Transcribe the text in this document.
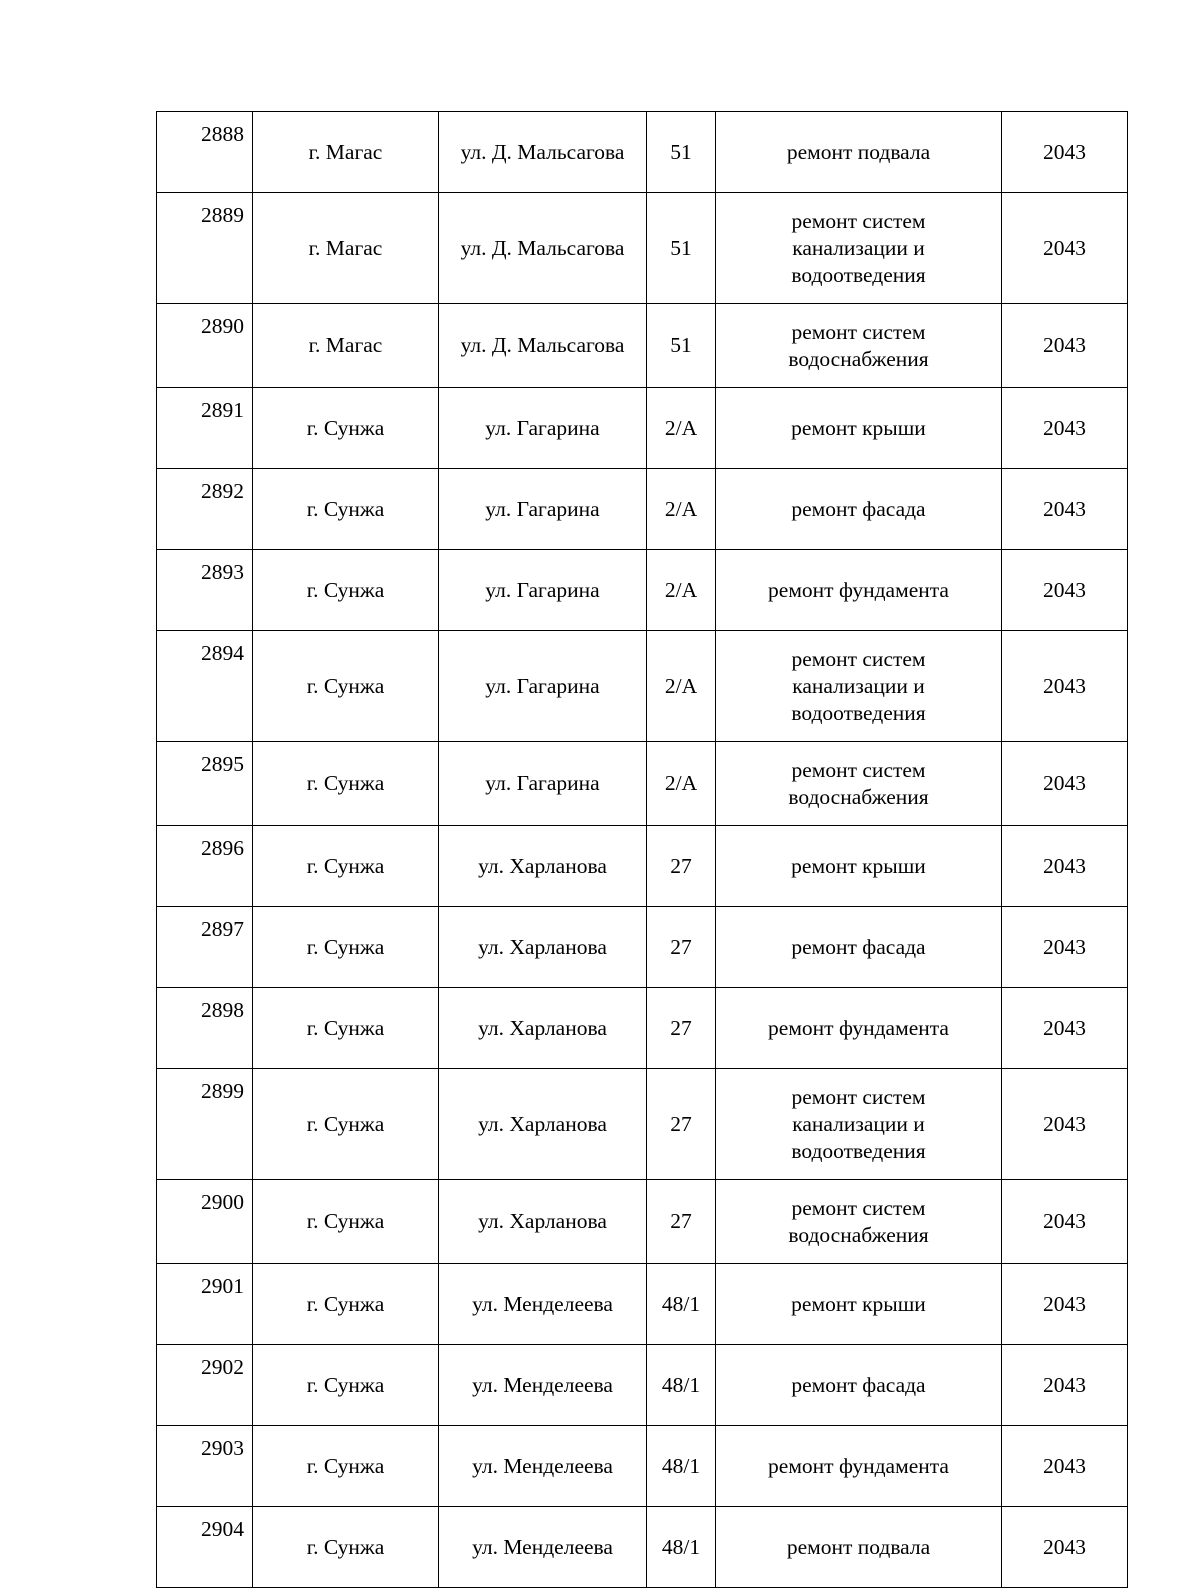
2888	г. Магас	ул. Д. Мальсагова	51	ремонт подвала	2043
2889	г. Магас	ул. Д. Мальсагова	51	ремонт систем
канализации и
водоотведения	2043
2890	г. Магас	ул. Д. Мальсагова	51	ремонт систем
водоснабжения	2043
2891	г. Сунжа	ул. Гагарина	2/А	ремонт крыши	2043
2892	г. Сунжа	ул. Гагарина	2/А	ремонт фасада	2043
2893	г. Сунжа	ул. Гагарина	2/А	ремонт фундамента	2043
2894	г. Сунжа	ул. Гагарина	2/А	ремонт систем
канализации и
водоотведения	2043
2895	г. Сунжа	ул. Гагарина	2/А	ремонт систем
водоснабжения	2043
2896	г. Сунжа	ул. Харланова	27	ремонт крыши	2043
2897	г. Сунжа	ул. Харланова	27	ремонт фасада	2043
2898	г. Сунжа	ул. Харланова	27	ремонт фундамента	2043
2899	г. Сунжа	ул. Харланова	27	ремонт систем
канализации и
водоотведения	2043
2900	г. Сунжа	ул. Харланова	27	ремонт систем
водоснабжения	2043
2901	г. Сунжа	ул. Менделеева	48/1	ремонт крыши	2043
2902	г. Сунжа	ул. Менделеева	48/1	ремонт фасада	2043
2903	г. Сунжа	ул. Менделеева	48/1	ремонт фундамента	2043
2904	г. Сунжа	ул. Менделеева	48/1	ремонт подвала	2043
